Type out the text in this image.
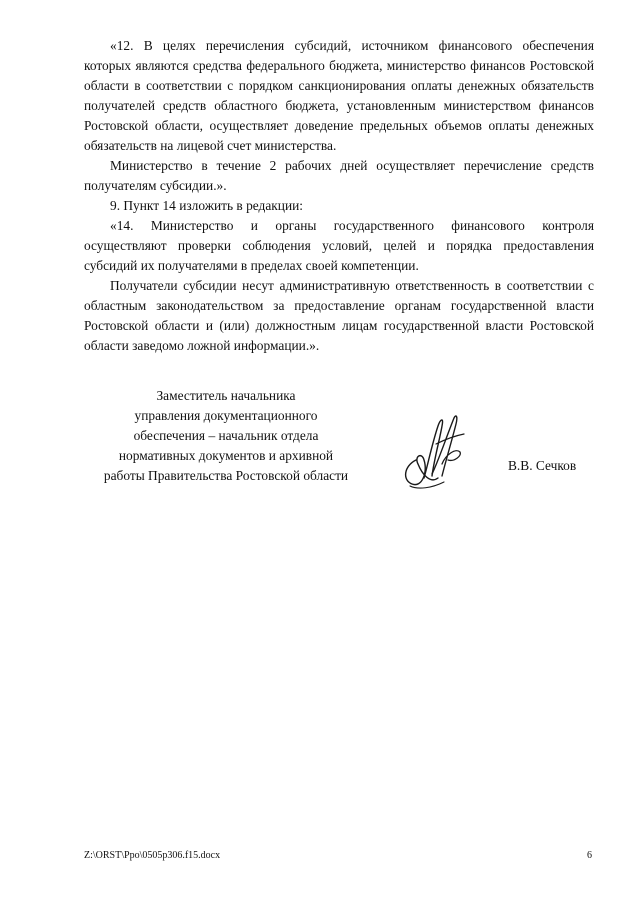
«12. В целях перечисления субсидий, источником финансового обеспечения которых являются средства федерального бюджета, министерство финансов Ростовской области в соответствии с порядком санкционирования оплаты денежных обязательств получателей средств областного бюджета, установленным министерством финансов Ростовской области, осуществляет доведение предельных объемов оплаты денежных обязательств на лицевой счет министерства.

Министерство в течение 2 рабочих дней осуществляет перечисление средств получателям субсидии.».

9. Пункт 14 изложить в редакции:

«14. Министерство и органы государственного финансового контроля осуществляют проверки соблюдения условий, целей и порядка предоставления субсидий их получателями в пределах своей компетенции.

Получатели субсидии несут административную ответственность в соответствии с областным законодательством за предоставление органам государственной власти Ростовской области и (или) должностным лицам государственной власти Ростовской области заведомо ложной информации.».

Заместитель начальника
управления документационного
обеспечения – начальник отдела
нормативных документов и архивной
работы Правительства Ростовской области
В.В. Сечков
Z:\ORST\Ppo\0505p306.f15.docx	6
